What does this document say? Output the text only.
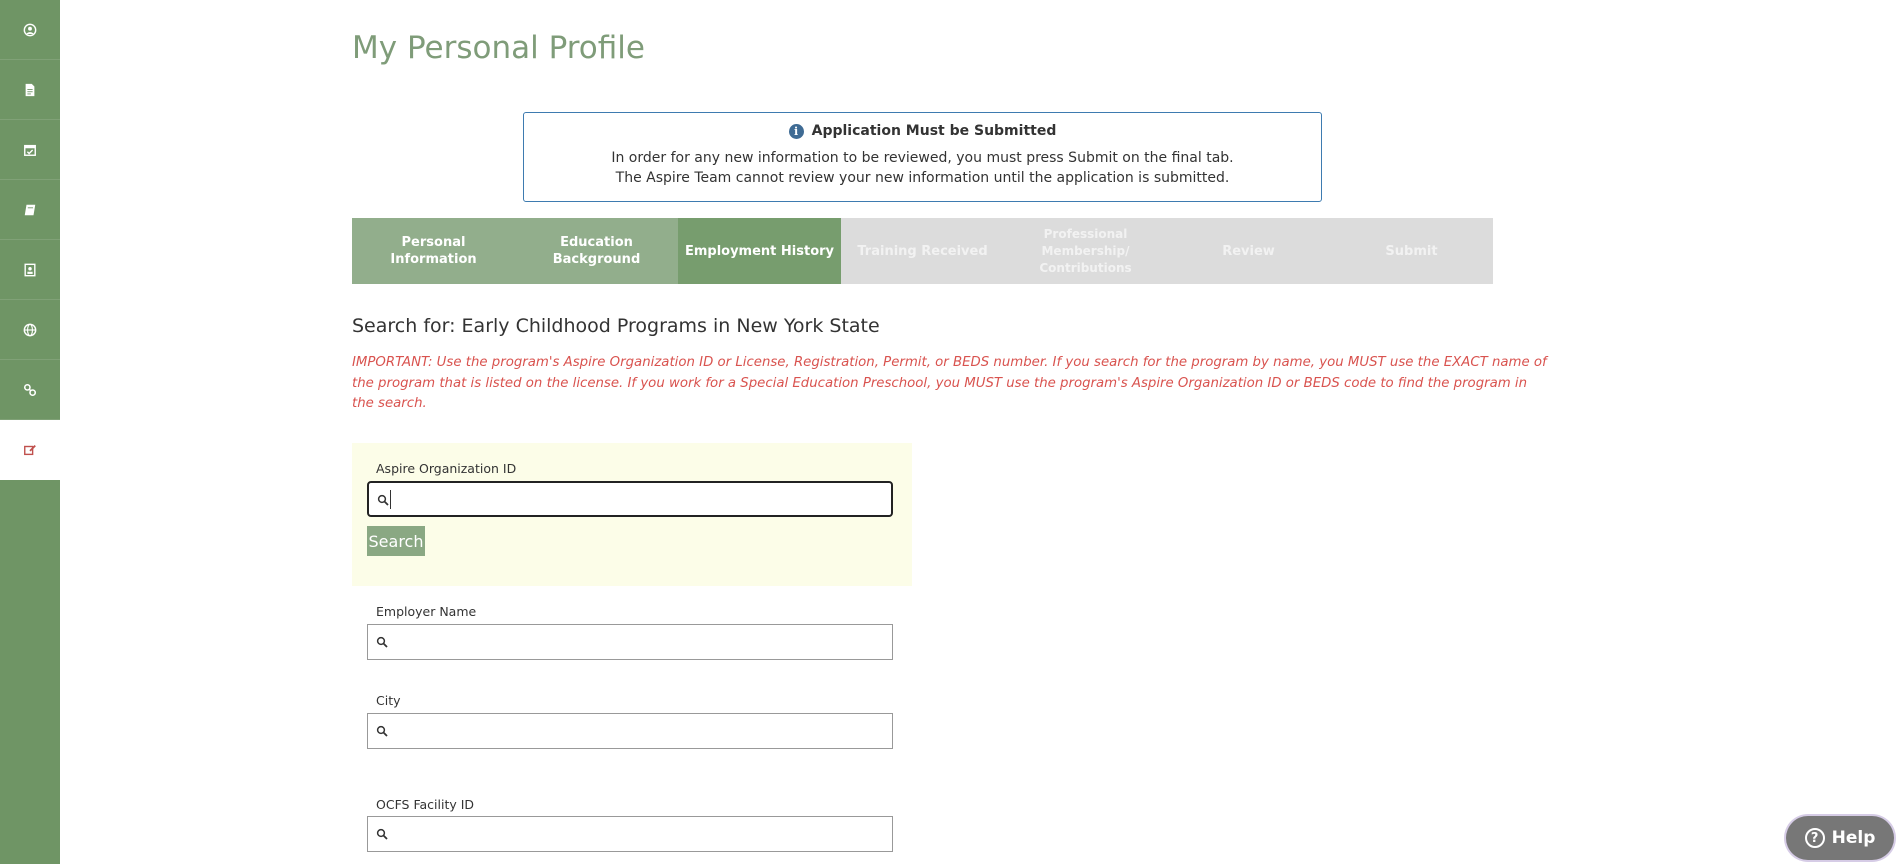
My Personal Profile
i Application Must be Submitted
In order for any new information to be reviewed, you must press Submit on the final tab.
The Aspire Team cannot review your new information until the application is submitted.
Personal Information
Education Background
Employment History	Training Received
Professional Membership/ Contributions
Review	Submit
Search for: Early Childhood Programs in New York State
IMPORTANT: Use the program's Aspire Organization ID or License, Registration, Permit, or BEDS number. If you search for the program by name, you MUST use the EXACT name of the program that is listed on the license. If you work for a Special Education Preschool, you MUST use the program's Aspire Organization ID or BEDS code to find the program in the search.
Aspire Organization ID
Search
Employer Name
City
OCFS Facility ID
? Help
